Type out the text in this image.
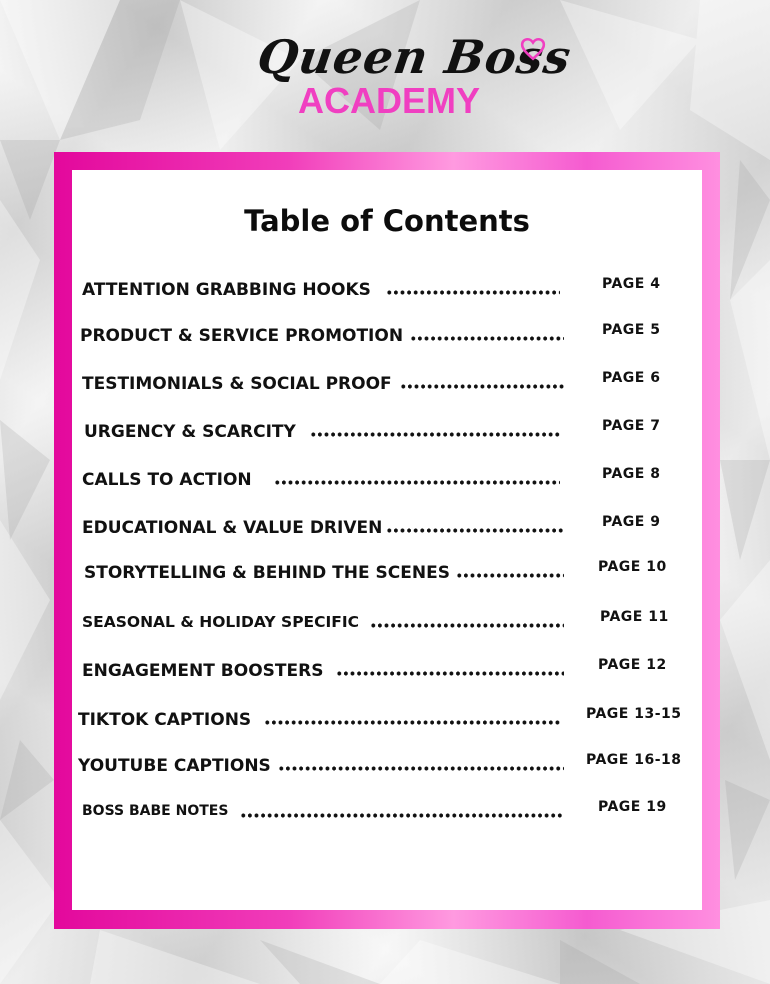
Queen Boss
ACADEMY
Table of Contents
ATTENTION GRABBING HOOKS	PAGE 4
PRODUCT & SERVICE PROMOTION	PAGE 5
TESTIMONIALS & SOCIAL PROOF	PAGE 6
URGENCY & SCARCITY	PAGE 7
CALLS TO ACTION	PAGE 8
EDUCATIONAL & VALUE DRIVEN	PAGE 9
STORYTELLING & BEHIND THE SCENES	PAGE 10
SEASONAL & HOLIDAY SPECIFIC	PAGE 11
ENGAGEMENT BOOSTERS	PAGE 12
TIKTOK CAPTIONS	PAGE 13-15
YOUTUBE CAPTIONS	PAGE 16-18
BOSS BABE NOTES	PAGE 19
